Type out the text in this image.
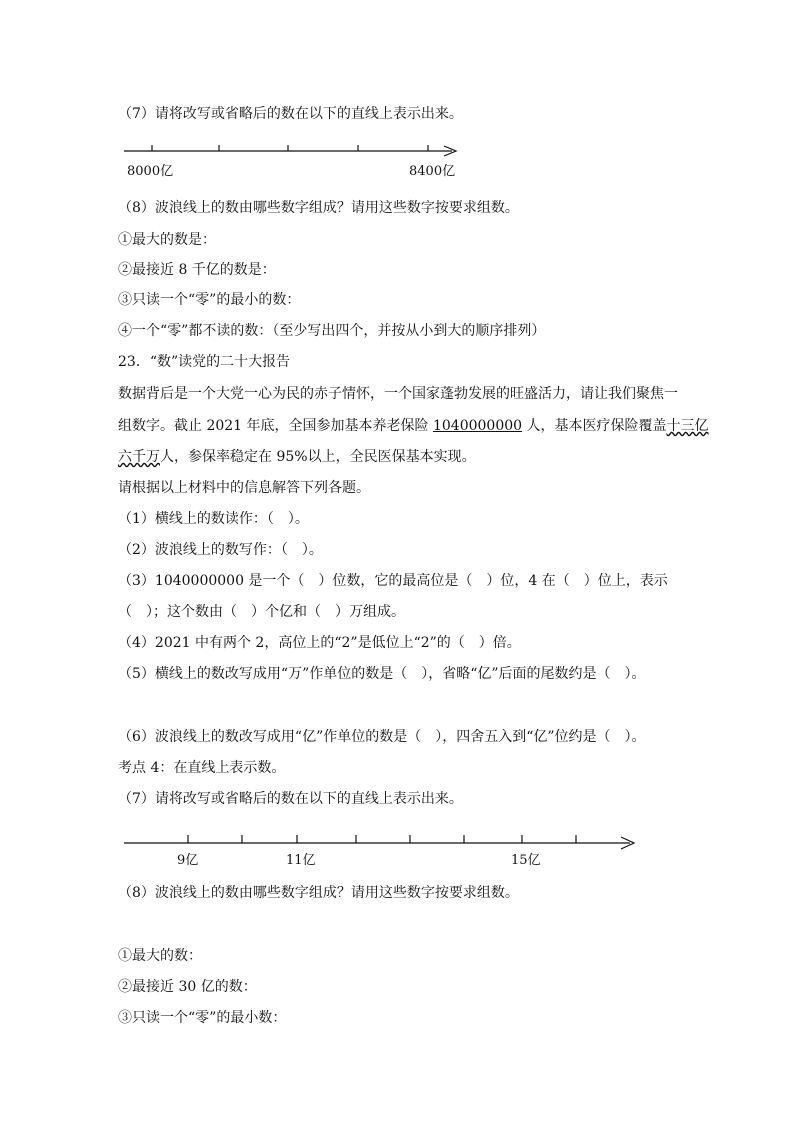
（7）请将改写或省略后的数在以下的直线上表示出来。
8000亿	8400亿
（8）波浪线上的数由哪些数字组成？请用这些数字按要求组数。
①最大的数是：
②最接近 8 千亿的数是：
③只读一个“零”的最小的数：
④一个“零”都不读的数：（至少写出四个，并按从小到大的顺序排列）
23．“数”读党的二十大报告
数据背后是一个大党一心为民的赤子情怀，一个国家蓬勃发展的旺盛活力，请让我们聚焦一
组数字。截止 2021 年底，全国参加基本养老保险 1040000000 人，基本医疗保险覆盖十三亿
六千万人，参保率稳定在 95%以上，全民医保基本实现。
请根据以上材料中的信息解答下列各题。
（1）横线上的数读作：（　）。
（2）波浪线上的数写作：（　）。
（3）1040000000 是一个（　）位数，它的最高位是（　）位，4 在（　）位上，表示
（　）；这个数由（　）个亿和（　）万组成。
（4）2021 中有两个 2，高位上的“2”是低位上“2”的（　）倍。
（5）横线上的数改写成用“万”作单位的数是（　），省略“亿”后面的尾数约是（　）。
（6）波浪线上的数改写成用“亿”作单位的数是（　），四舍五入到“亿”位约是（　）。
考点 4：在直线上表示数。
（7）请将改写或省略后的数在以下的直线上表示出来。
9亿	11亿	15亿
（8）波浪线上的数由哪些数字组成？请用这些数字按要求组数。
①最大的数：
②最接近 30 亿的数：
③只读一个“零”的最小数：
